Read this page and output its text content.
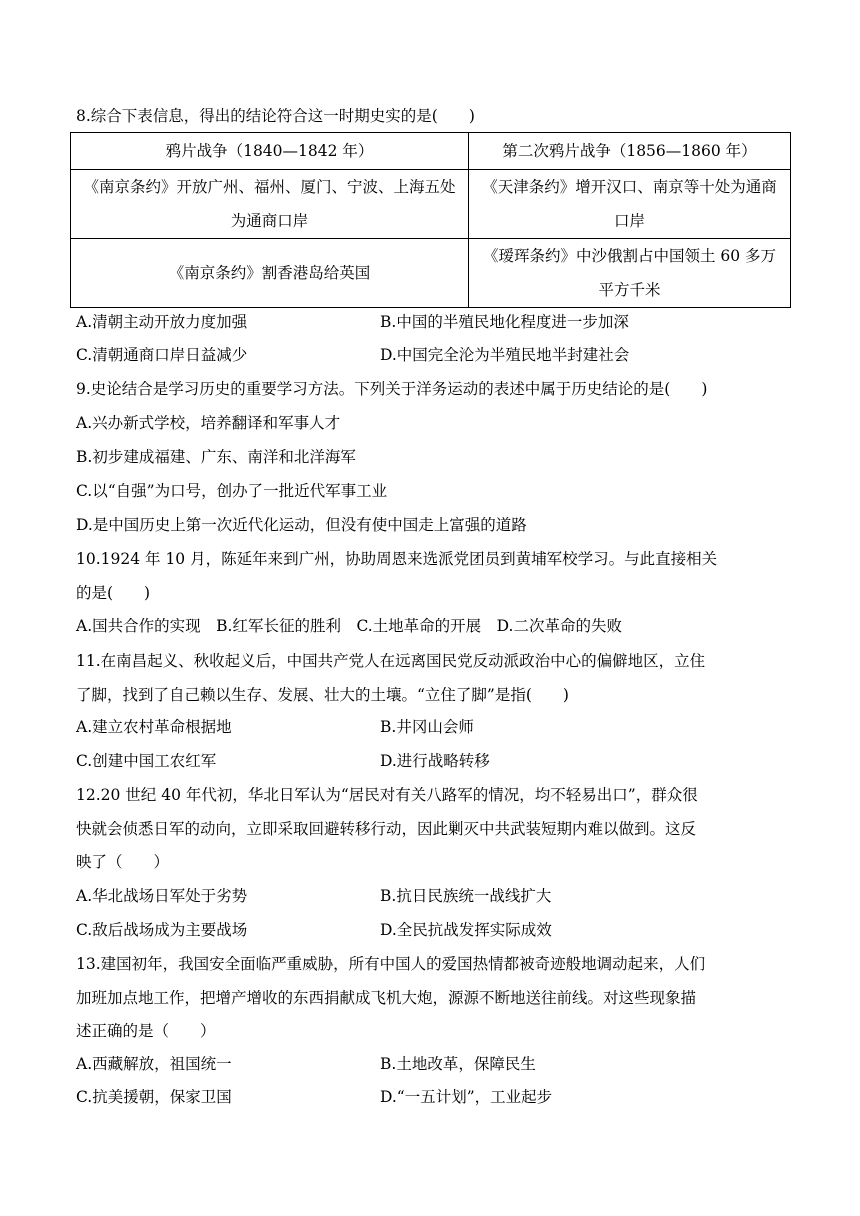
8.综合下表信息，得出的结论符合这一时期史实的是(　　)
鸦片战争（1840—1842 年）	第二次鸦片战争（1856—1860 年）
《南京条约》开放广州、福州、厦门、宁波、上海五处为通商口岸	《天津条约》增开汉口、南京等十处为通商口岸
《南京条约》割香港岛给英国	《瑷珲条约》中沙俄割占中国领土 60 多万平方千米
A.清朝主动开放力度加强	B.中国的半殖民地化程度进一步加深
C.清朝通商口岸日益减少	D.中国完全沦为半殖民地半封建社会
9.史论结合是学习历史的重要学习方法。下列关于洋务运动的表述中属于历史结论的是(　　)
A.兴办新式学校，培养翻译和军事人才
B.初步建成福建、广东、南洋和北洋海军
C.以“自强”为口号，创办了一批近代军事工业
D.是中国历史上第一次近代化运动，但没有使中国走上富强的道路
10.1924 年 10 月，陈延年来到广州，协助周恩来选派党团员到黄埔军校学习。与此直接相关
的是(　　)
A.国共合作的实现　B.红军长征的胜利　C.土地革命的开展　D.二次革命的失败
11.在南昌起义、秋收起义后，中国共产党人在远离国民党反动派政治中心的偏僻地区，立住
了脚，找到了自己赖以生存、发展、壮大的土壤。“立住了脚”是指(　　)
A.建立农村革命根据地	B.井冈山会师
C.创建中国工农红军	D.进行战略转移
12.20 世纪 40 年代初，华北日军认为“居民对有关八路军的情况，均不轻易出口”，群众很
快就会侦悉日军的动向，立即采取回避转移行动，因此剿灭中共武装短期内难以做到。这反
映了（　　）
A.华北战场日军处于劣势	B.抗日民族统一战线扩大
C.敌后战场成为主要战场	D.全民抗战发挥实际成效
13.建国初年，我国安全面临严重威胁，所有中国人的爱国热情都被奇迹般地调动起来，人们
加班加点地工作，把增产增收的东西捐献成飞机大炮，源源不断地送往前线。对这些现象描
述正确的是（　　）
A.西藏解放，祖国统一	B.土地改革，保障民生
C.抗美援朝，保家卫国	D.“一五计划”，工业起步
